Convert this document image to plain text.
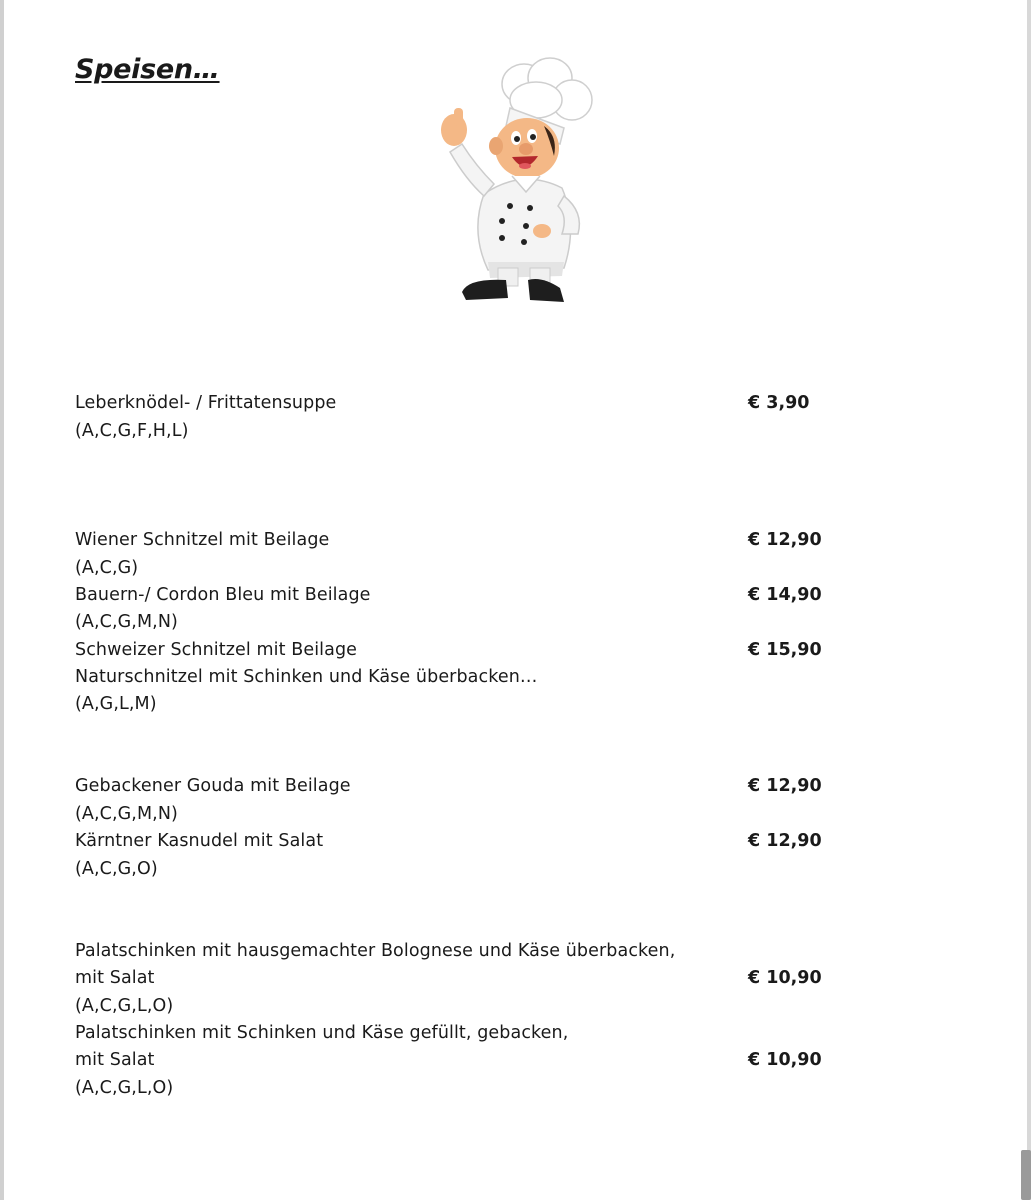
Speisen…
Leberknödel- / Frittatensuppe
(A,C,G,F,H,L)
€ 3,90
Wiener Schnitzel mit Beilage
(A,C,G)
€ 12,90
Bauern-/ Cordon Bleu mit Beilage
(A,C,G,M,N)
€ 14,90
Schweizer Schnitzel mit Beilage
Naturschnitzel mit Schinken und Käse überbacken…
(A,G,L,M)
€ 15,90
Gebackener Gouda mit Beilage
(A,C,G,M,N)
€ 12,90
Kärntner Kasnudel mit Salat
(A,C,G,O)
€ 12,90
Palatschinken mit hausgemachter Bolognese und Käse überbacken,
mit Salat
(A,C,G,L,O)
€ 10,90
Palatschinken mit Schinken und Käse gefüllt, gebacken,
mit Salat
(A,C,G,L,O)
€ 10,90
